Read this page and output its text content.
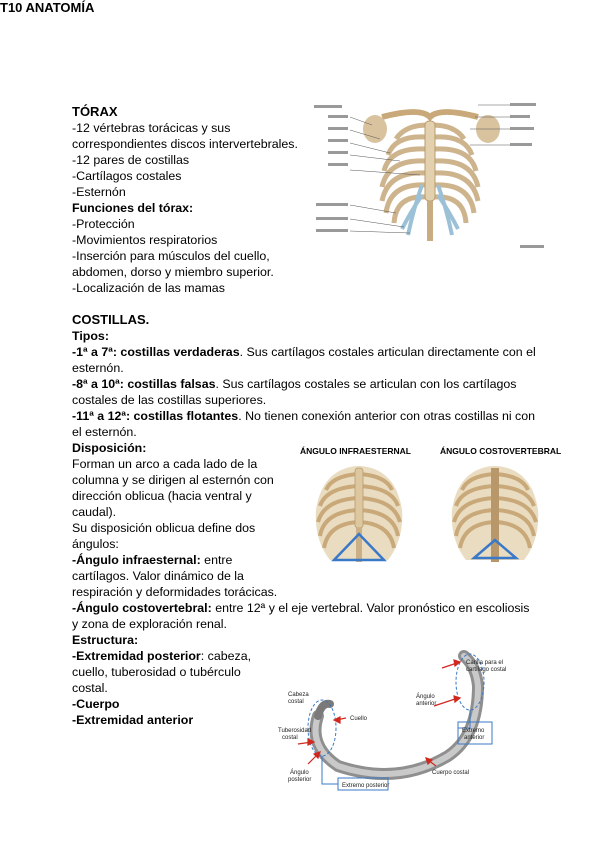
T10 ANATOMÍA
TÓRAX
-12 vértebras torácicas y sus
correspondientes discos intervertebrales.
-12 pares de costillas
-Cartílagos costales
-Esternón
Funciones del tórax:
-Protección
-Movimientos respiratorios
-Inserción para músculos del cuello,
abdomen, dorso y miembro superior.
-Localización de las mamas
COSTILLAS.
Tipos:
-1ª a 7ª: costillas verdaderas. Sus cartílagos costales articulan directamente con el
esternón.
-8ª a 10ª: costillas falsas. Sus cartílagos costales se articulan con los cartílagos
costales de las costillas superiores.
-11ª a 12ª: costillas flotantes. No tienen conexión anterior con otras costillas ni con
el esternón.
Disposición:
Forman un arco a cada lado de la
columna y se dirigen al esternón con
dirección oblicua (hacia ventral y
caudal).
Su disposición oblicua define dos
ángulos:
-Ángulo infraesternal: entre
cartílagos. Valor dinámico de la
respiración y deformidades torácicas.
-Ángulo costovertebral: entre 12ª y el eje vertebral. Valor pronóstico en escoliosis
y zona de exploración renal.
Estructura:
-Extremidad posterior: cabeza,
cuello, tuberosidad o tubérculo
costal.
-Cuerpo
-Extremidad anterior
ÁNGULO INFRAESTERNAL	ÁNGULO COSTOVERTEBRAL
Carilla para el
cartílago costal
Cabeza
costal
Cuello
Ángulo
anterior
Tuberosidad
costal
Extremo
anterior
Ángulo
posterior
Extremo posterior
Cuerpo costal
